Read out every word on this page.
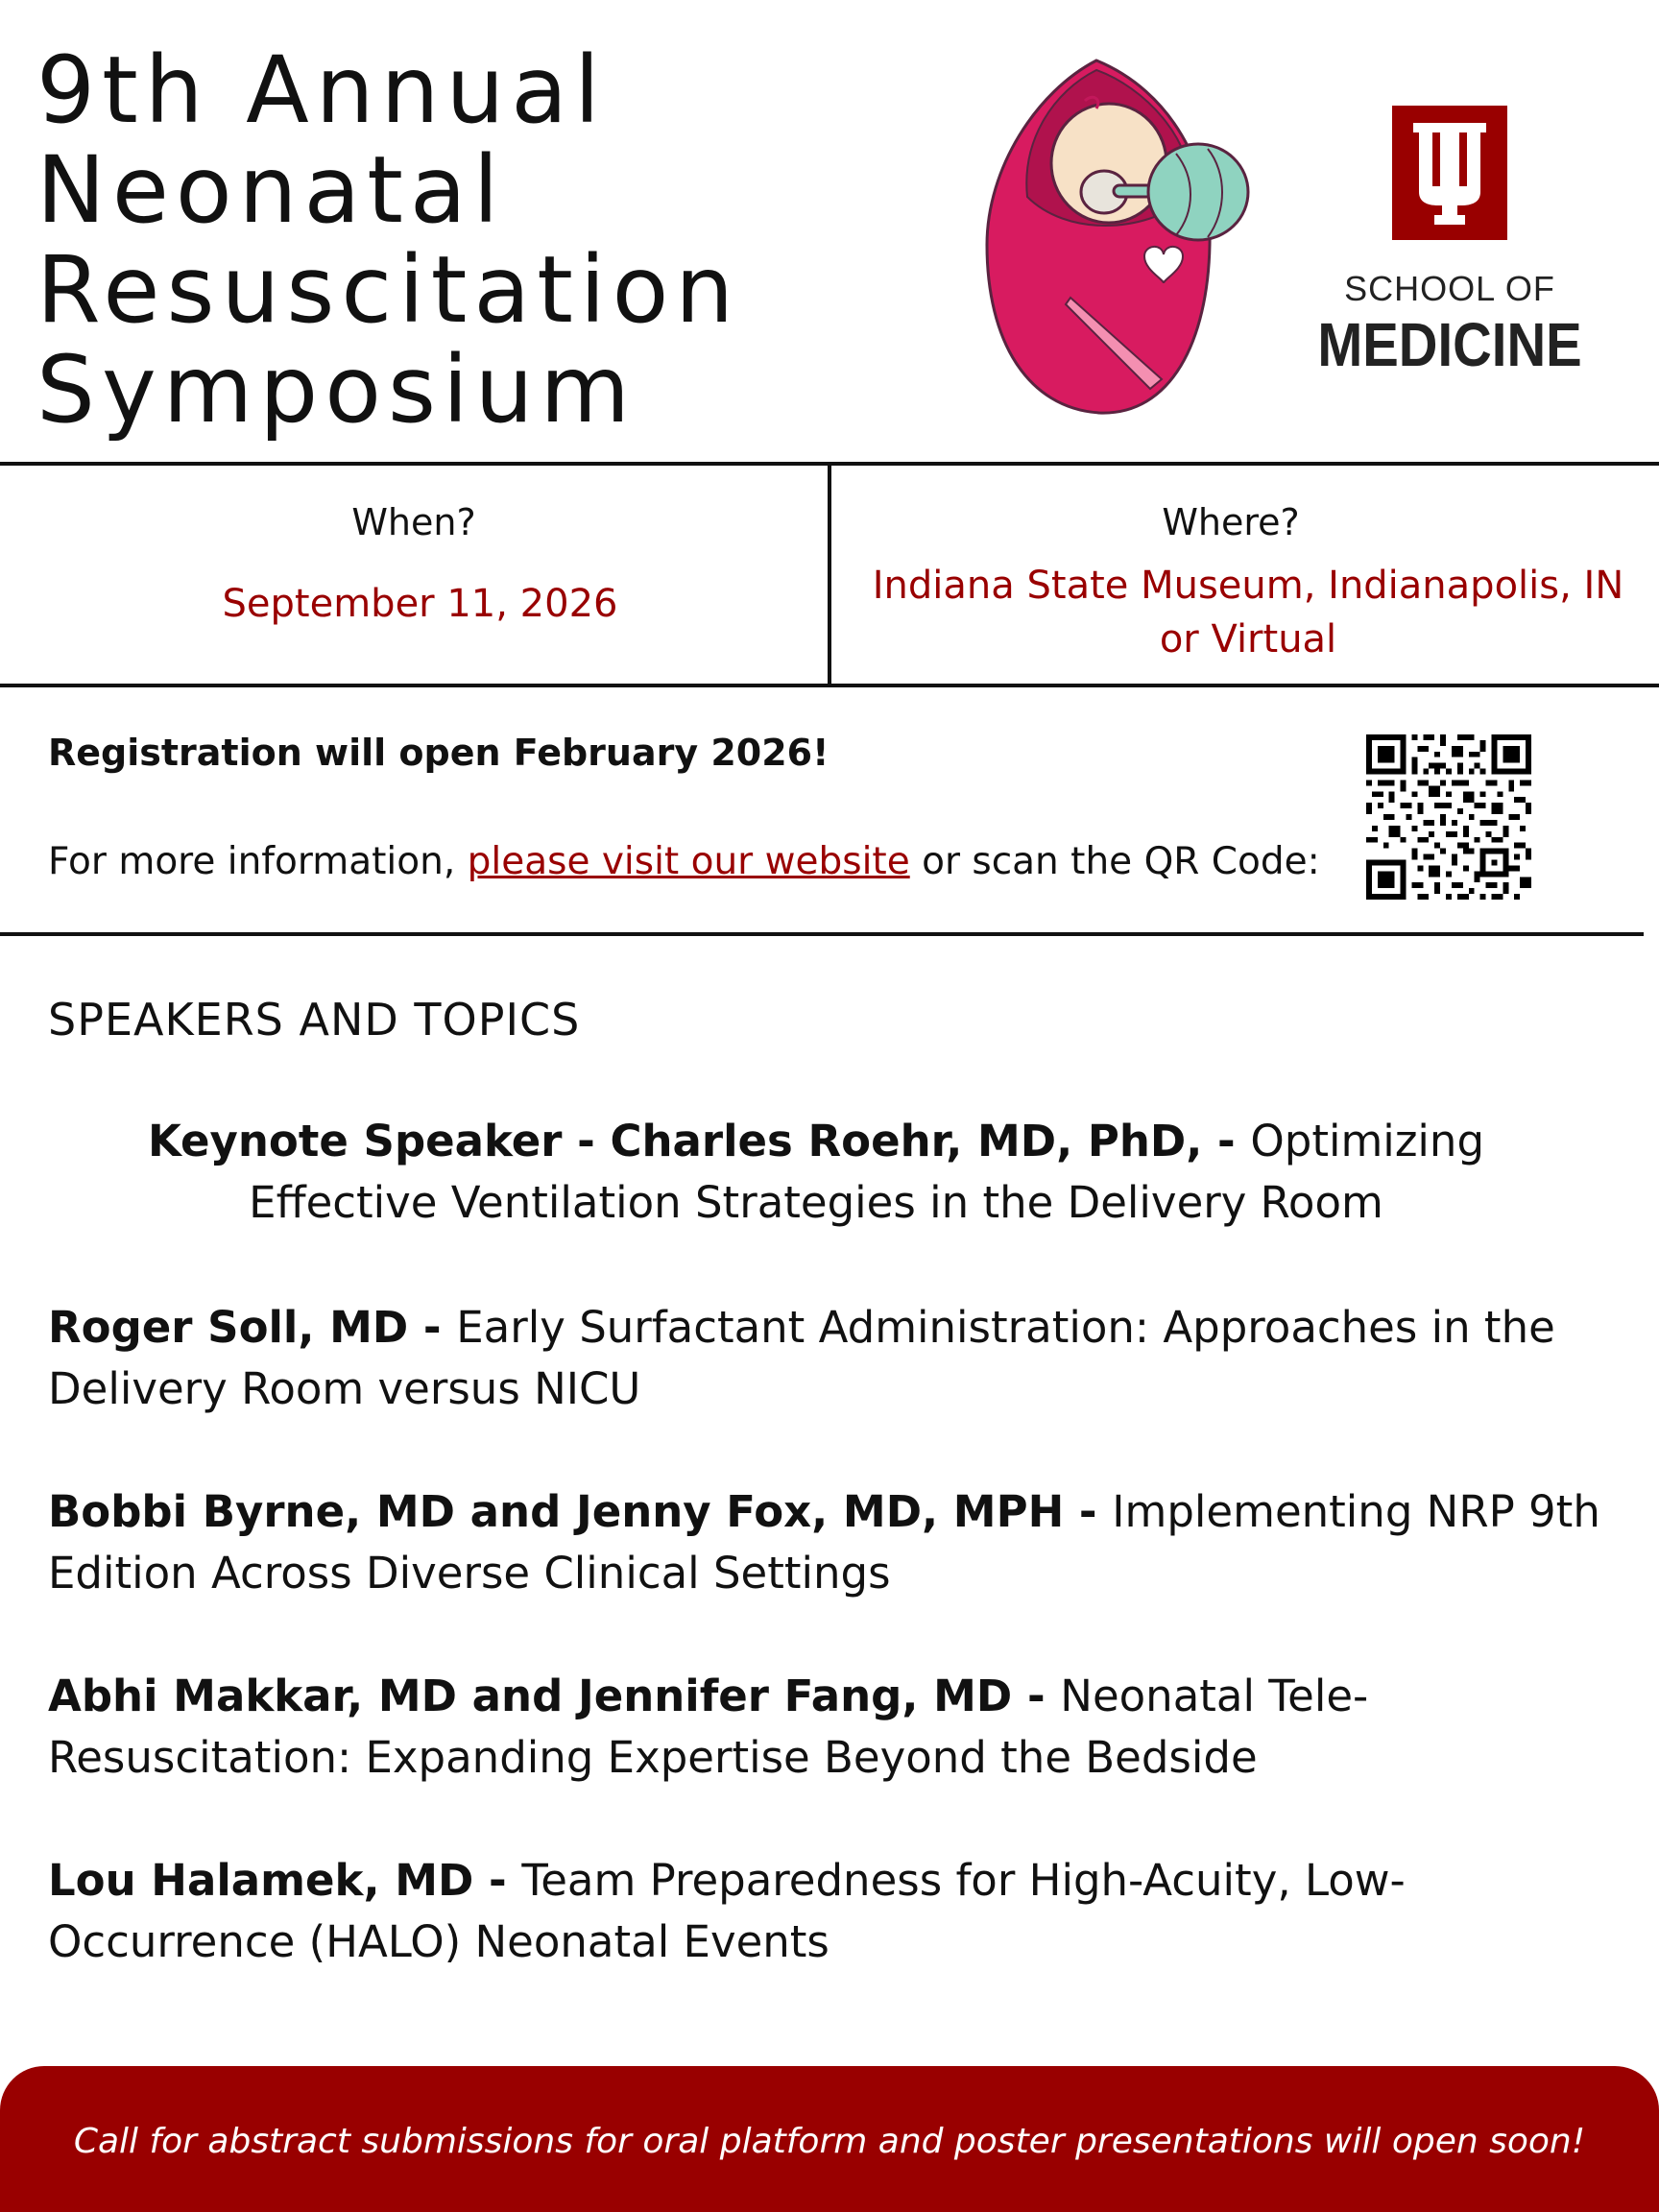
9th Annual
Neonatal
Resuscitation
Symposium
SCHOOL OF
MEDICINE
When?
September 11, 2026
Where?
Indiana State Museum, Indianapolis, IN
or Virtual
Registration will open February 2026!
For more information, please visit our website or scan the QR Code:
SPEAKERS AND TOPICS
Keynote Speaker - Charles Roehr, MD, PhD, - Optimizing Effective Ventilation Strategies in the Delivery Room
Roger Soll, MD - Early Surfactant Administration: Approaches in the Delivery Room versus NICU
Bobbi Byrne, MD and Jenny Fox, MD, MPH - Implementing NRP 9th Edition Across Diverse Clinical Settings
Abhi Makkar, MD and Jennifer Fang, MD - Neonatal Tele-Resuscitation: Expanding Expertise Beyond the Bedside
Lou Halamek, MD - Team Preparedness for High-Acuity, Low-Occurrence (HALO) Neonatal Events
Call for abstract submissions for oral platform and poster presentations will open soon!
